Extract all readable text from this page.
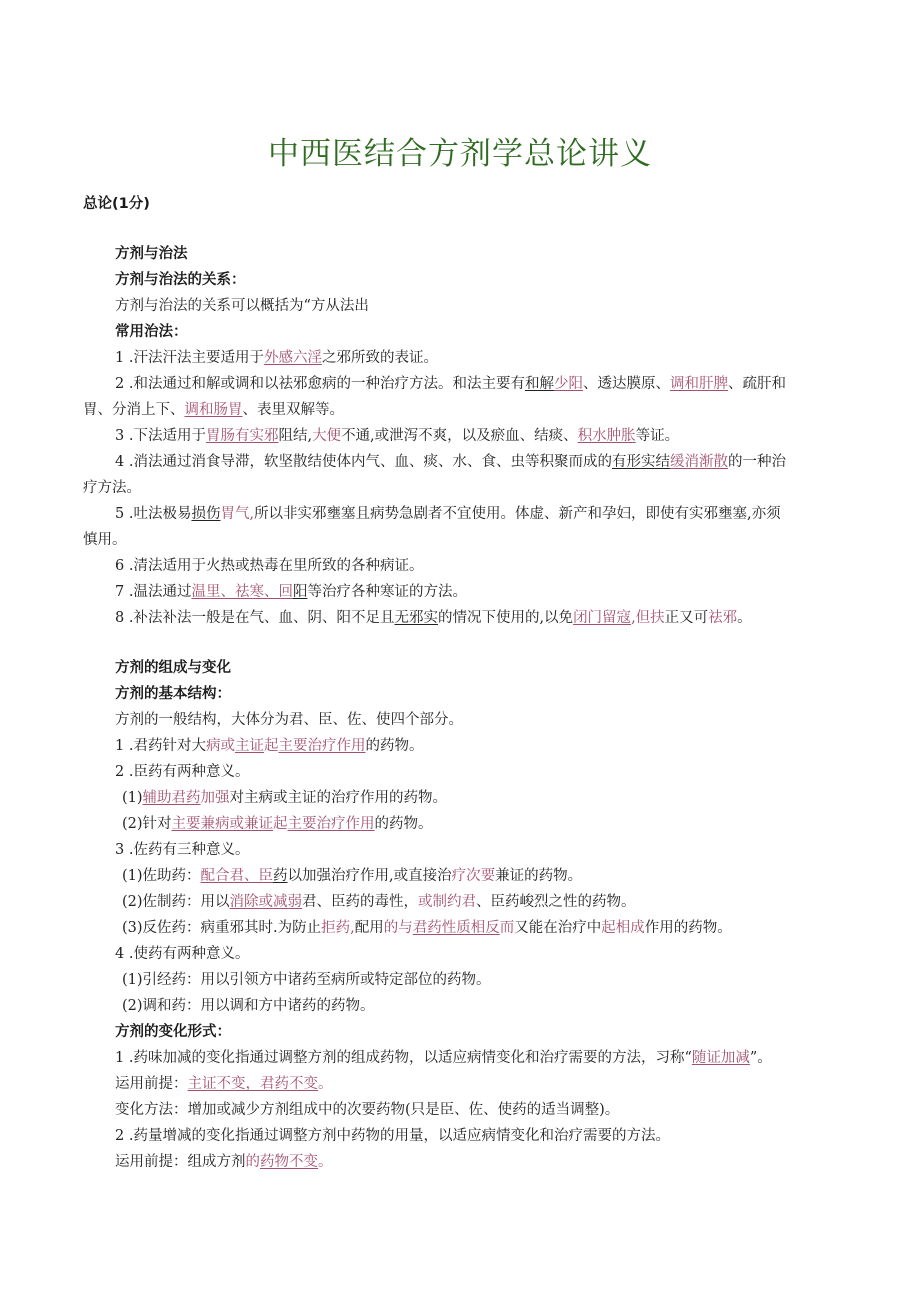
中西医结合方剂学总论讲义
总论(1分)
方剂与治法
方剂与治法的关系：
方剂与治法的关系可以概括为“方从法出
常用治法：
1 .汗法汗法主要适用于外感六淫之邪所致的表证。
2 .和法通过和解或调和以祛邪愈病的一种治疗方法。和法主要有和解少阳、透达膜原、调和肝脾、疏肝和
胃、分消上下、调和肠胃、表里双解等。
3 .下法适用于胃肠有实邪阻结,大便不通,或泄泻不爽，以及瘀血、结痰、积水肿胀等证。
4 .消法通过消食导滞，软坚散结使体内气、血、痰、水、食、虫等积聚而成的有形实结缓消渐散的一种治
疗方法。
5 .吐法极易损伤胃气,所以非实邪壅塞且病势急剧者不宜使用。体虚、新产和孕妇，即使有实邪壅塞,亦须
慎用。
6 .清法适用于火热或热毒在里所致的各种病证。
7 .温法通过温里、祛寒、回阳等治疗各种寒证的方法。
8 .补法补法一般是在气、血、阴、阳不足且无邪实的情况下使用的,以免闭门留寇,但扶正又可祛邪。
方剂的组成与变化
方剂的基本结构：
方剂的一般结构，大体分为君、臣、佐、使四个部分。
1 .君药针对大病或主证起主要治疗作用的药物。
2 .臣药有两种意义。
(1)辅助君药加强对主病或主证的治疗作用的药物。
(2)针对主要兼病或兼证起主要治疗作用的药物。
3 .佐药有三种意义。
(1)佐助药：配合君、臣药以加强治疗作用,或直接治疗次要兼证的药物。
(2)佐制药：用以消除或减弱君、臣药的毒性，或制约君、臣药峻烈之性的药物。
(3)反佐药：病重邪其时.为防止拒药,配用的与君药性质相反而又能在治疗中起相成作用的药物。
4 .使药有两种意义。
(1)引经药：用以引领方中诸药至病所或特定部位的药物。
(2)调和药：用以调和方中诸药的药物。
方剂的变化形式：
1 .药味加减的变化指通过调整方剂的组成药物，以适应病情变化和治疗需要的方法，习称“随证加减”。
运用前提：主证不变，君药不变。
变化方法：增加或减少方剂组成中的次要药物(只是臣、佐、使药的适当调整)。
2 .药量增减的变化指通过调整方剂中药物的用量，以适应病情变化和治疗需要的方法。
运用前提：组成方剂的药物不变。
